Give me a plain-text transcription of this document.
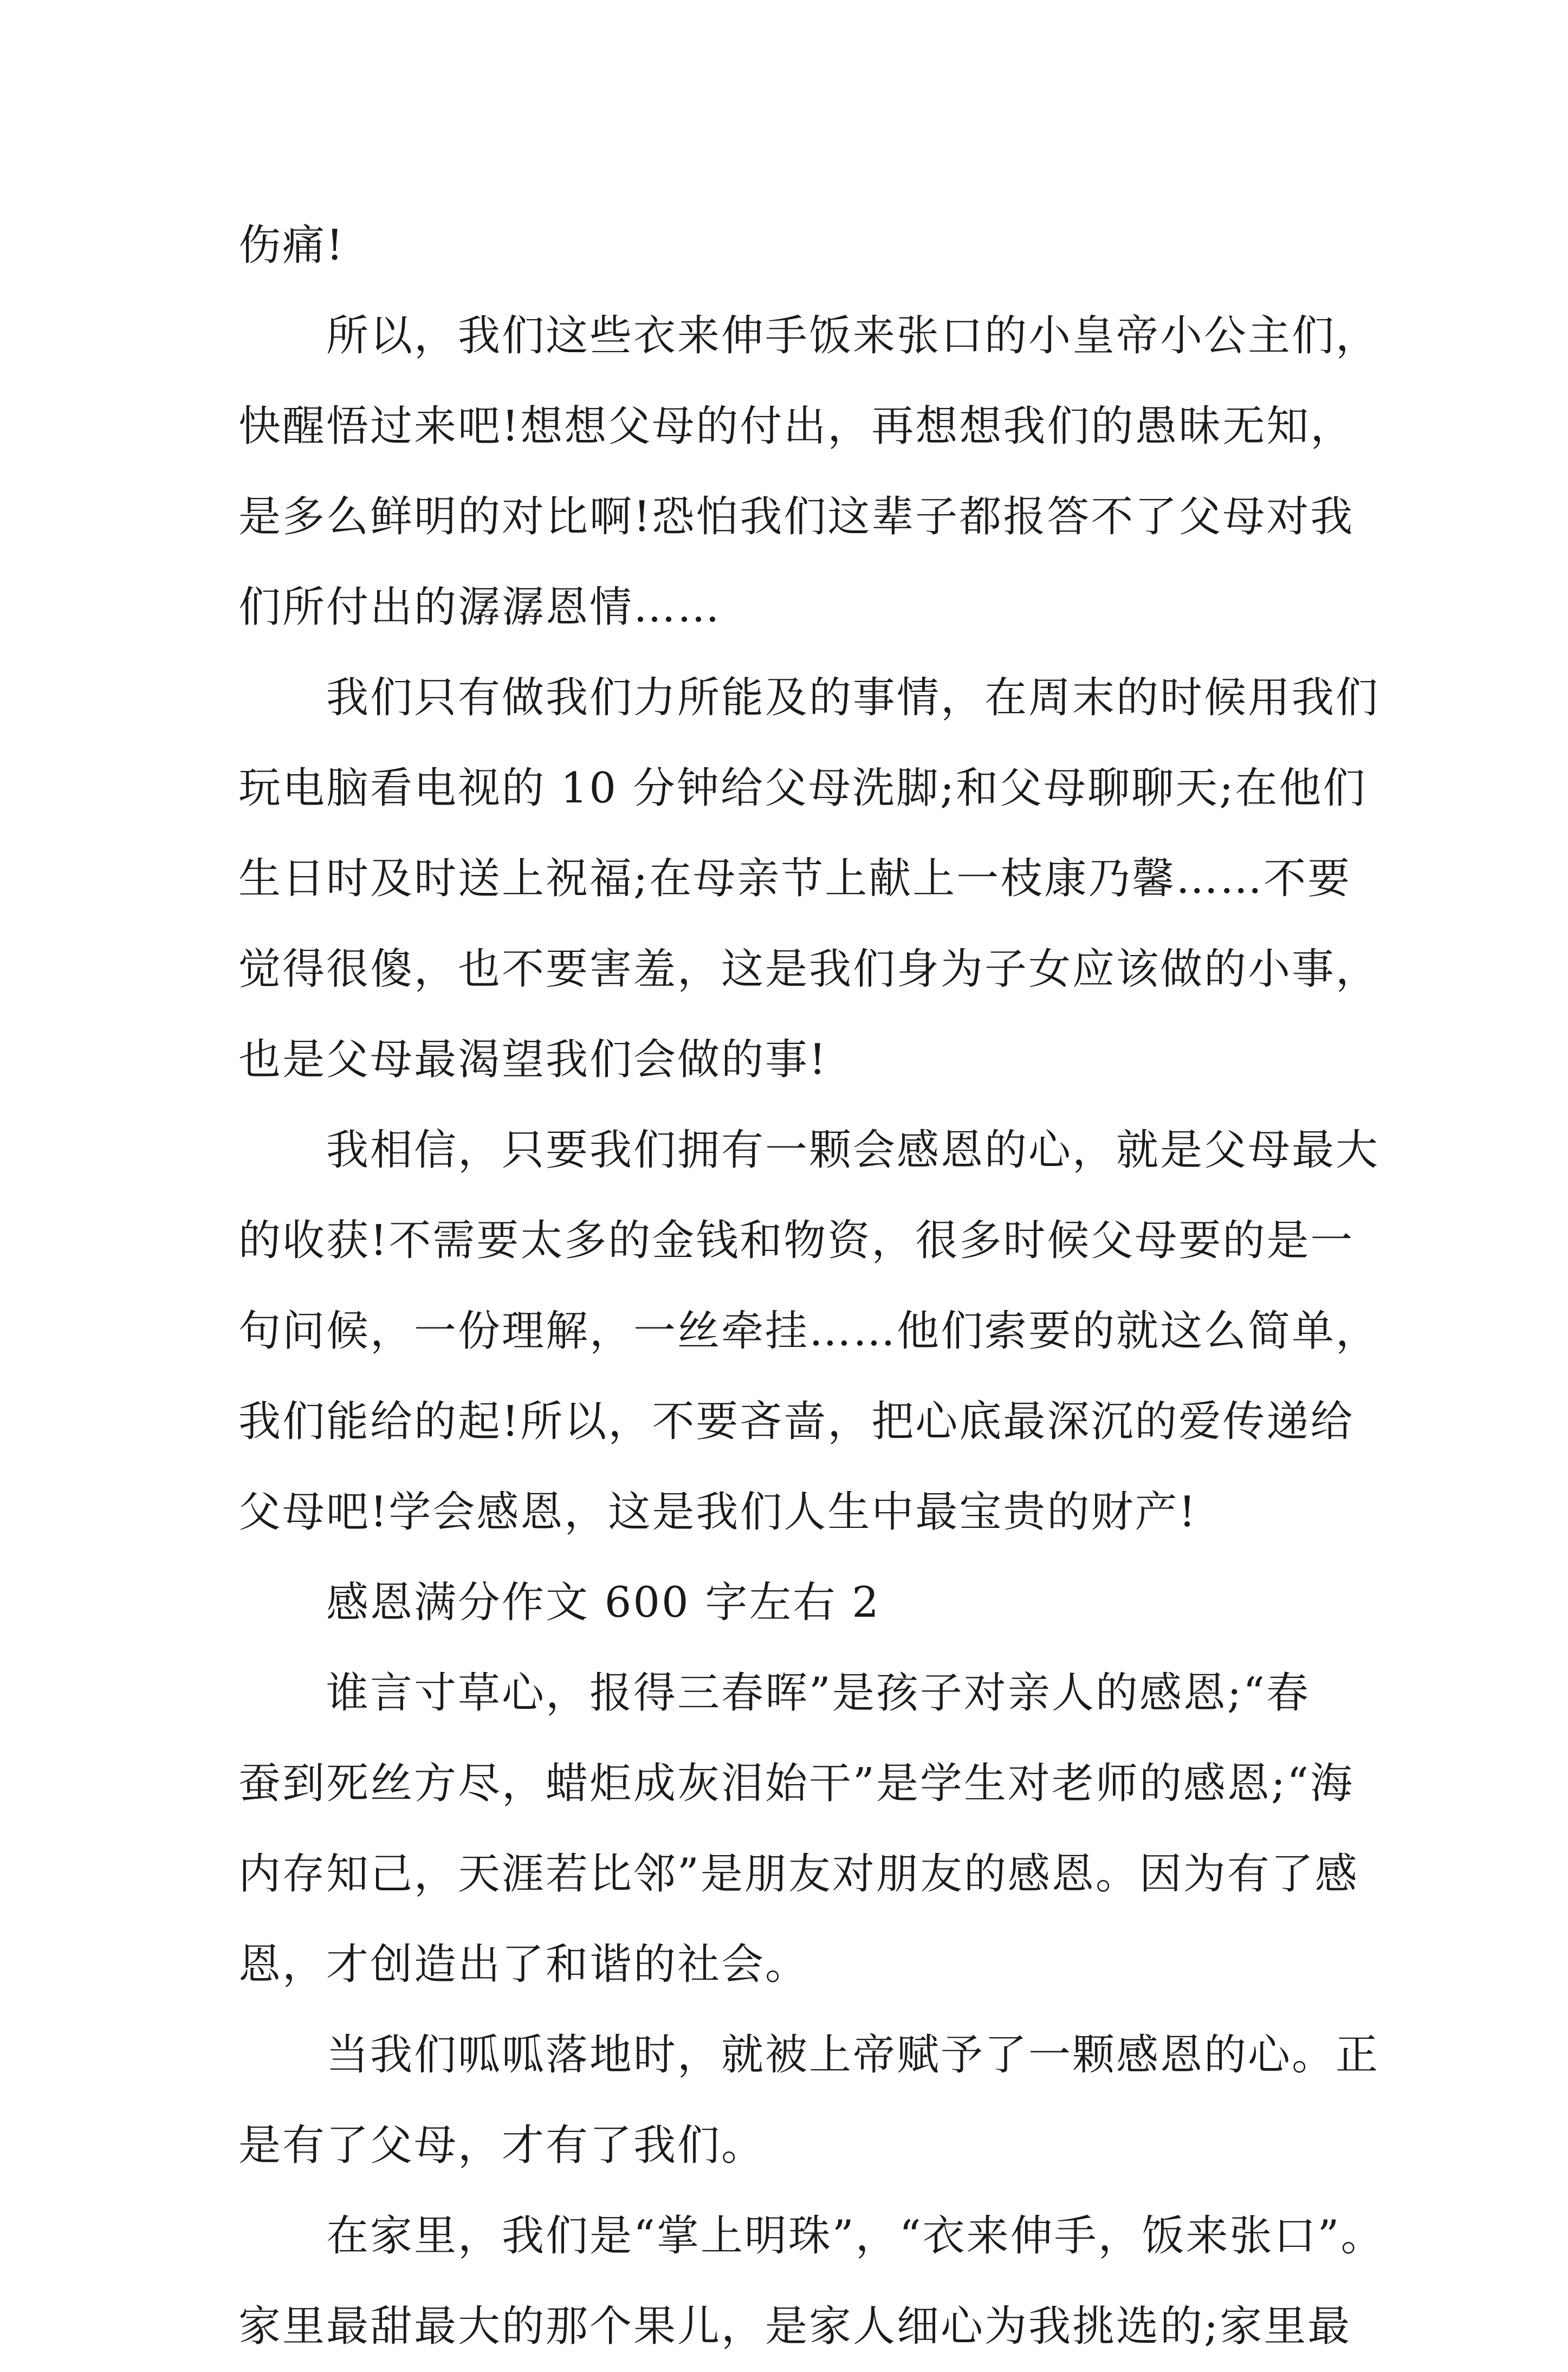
伤痛!

所以，我们这些衣来伸手饭来张口的小皇帝小公主们，
快醒悟过来吧!想想父母的付出，再想想我们的愚昧无知，
是多么鲜明的对比啊!恐怕我们这辈子都报答不了父母对我
们所付出的潺潺恩情……

我们只有做我们力所能及的事情，在周末的时候用我们
玩电脑看电视的 10 分钟给父母洗脚;和父母聊聊天;在他们
生日时及时送上祝福;在母亲节上献上一枝康乃馨……不要
觉得很傻，也不要害羞，这是我们身为子女应该做的小事，
也是父母最渴望我们会做的事!

我相信，只要我们拥有一颗会感恩的心，就是父母最大
的收获!不需要太多的金钱和物资，很多时候父母要的是一
句问候，一份理解，一丝牵挂……他们索要的就这么简单，
我们能给的起!所以，不要吝啬，把心底最深沉的爱传递给
父母吧!学会感恩，这是我们人生中最宝贵的财产!

感恩满分作文 600 字左右 2

谁言寸草心，报得三春晖”是孩子对亲人的感恩;“春
蚕到死丝方尽，蜡炬成灰泪始干”是学生对老师的感恩;“海
内存知己，天涯若比邻”是朋友对朋友的感恩。因为有了感
恩，才创造出了和谐的社会。

当我们呱呱落地时，就被上帝赋予了一颗感恩的心。正
是有了父母，才有了我们。

在家里，我们是“掌上明珠”，“衣来伸手，饭来张口”。
家里最甜最大的那个果儿，是家人细心为我挑选的;家里最
